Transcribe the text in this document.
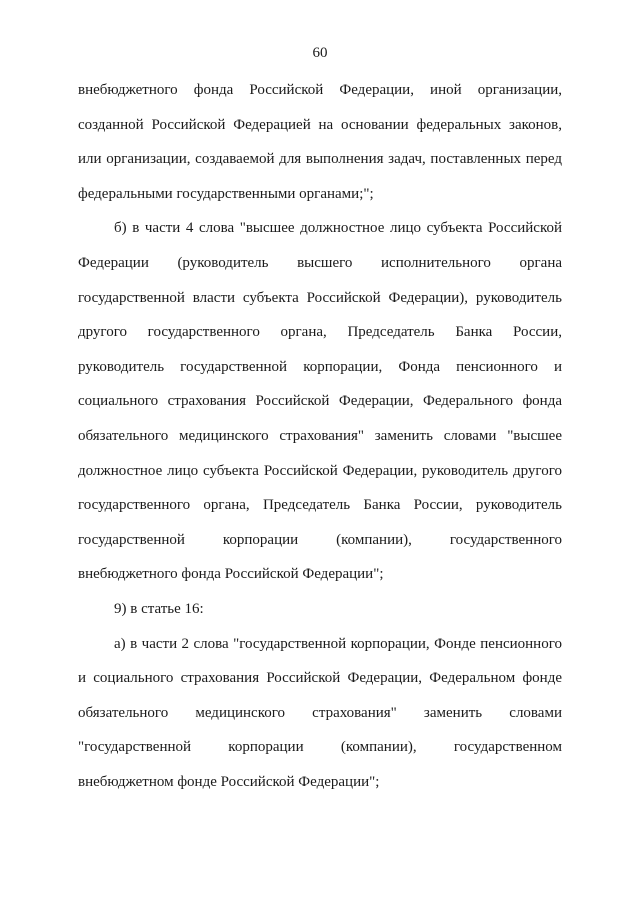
60
внебюджетного фонда Российской Федерации, иной организации,
созданной Российской Федерацией на основании федеральных законов,
или организации, создаваемой для выполнения задач, поставленных перед
федеральными государственными органами;";
б) в части 4 слова "высшее должностное лицо субъекта Российской
Федерации (руководитель высшего исполнительного органа
государственной власти субъекта Российской Федерации), руководитель
другого государственного органа, Председатель Банка России,
руководитель государственной корпорации, Фонда пенсионного и
социального страхования Российской Федерации, Федерального фонда
обязательного медицинского страхования" заменить словами "высшее
должностное лицо субъекта Российской Федерации, руководитель другого
государственного органа, Председатель Банка России, руководитель
государственной корпорации (компании), государственного
внебюджетного фонда Российской Федерации";
9) в статье 16:
а) в части 2 слова "государственной корпорации, Фонде пенсионного
и социального страхования Российской Федерации, Федеральном фонде
обязательного медицинского страхования" заменить словами
"государственной корпорации (компании), государственном
внебюджетном фонде Российской Федерации";
